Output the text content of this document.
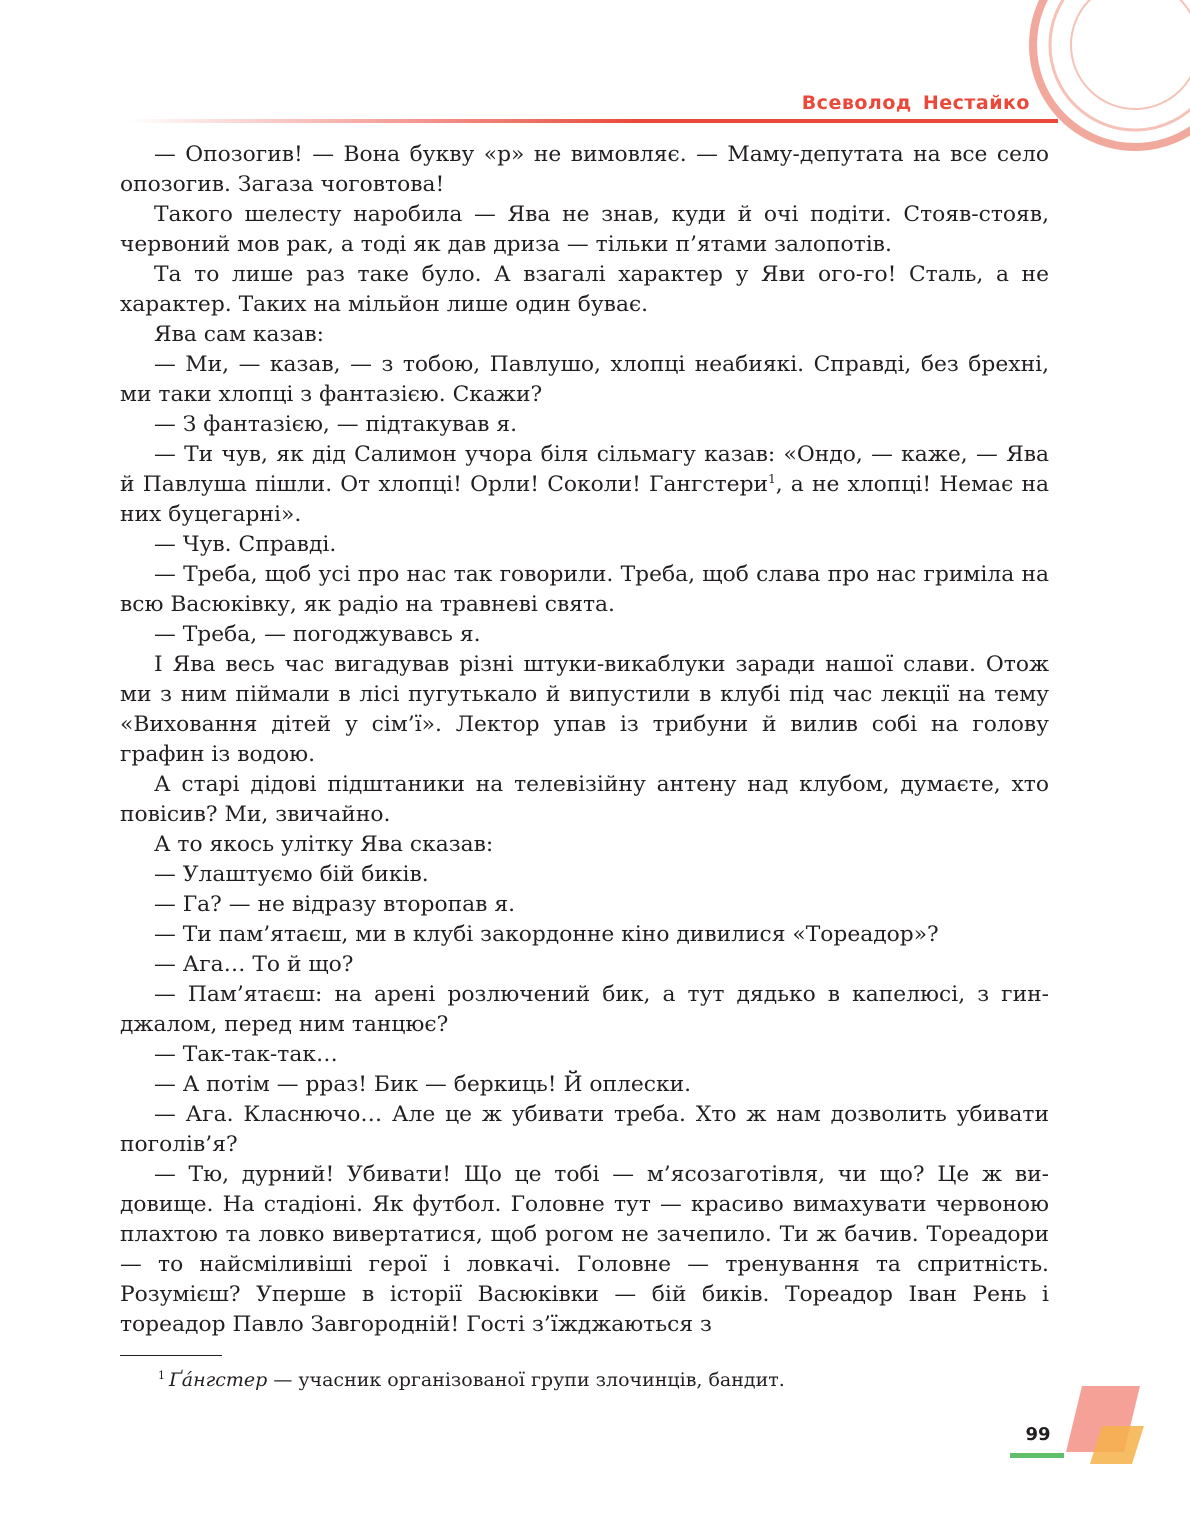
Всеволод Нестайко

— Опозогив! — Вона букву «р» не вимовляє. — Маму-депутата на все село опозогив. Загаза чоговтова!

Такого шелесту наробила — Ява не знав, куди й очі подіти. Стояв-стояв, червоний мов рак, а тоді як дав дриза — тільки п’ятами залопотів.

Та то лише раз таке було. А взагалі характер у Яви ого-го! Сталь, а не характер. Таких на мільйон лише один буває.

Ява сам казав:

— Ми, — казав, — з тобою, Павлушо, хлопці неабиякі. Справді, без брехні, ми таки хлопці з фантазією. Скажи?

— З фантазією, — підтакував я.

— Ти чув, як дід Салимон учора біля сільмагу казав: «Ондо, — каже, — Ява й Павлуша пішли. От хлопці! Орли! Соколи! Гангстери$^1$, а не хлопці! Немає на них буцегарні».

— Чув. Справді.

— Треба, щоб усі про нас так говорили. Треба, щоб слава про нас гриміла на всю Васюківку, як радіо на травневі свята.

— Треба, — погоджувавсь я.

І Ява весь час вигадував різні штуки-викаблуки заради нашої слави. Отож ми з ним піймали в лісі пугутькало й випустили в клубі під час лекції на тему «Виховання дітей у сім’ї». Лектор упав із трибуни й вилив собі на голову графин із водою.

А старі дідові підштаники на телевізійну антену над клубом, думаєте, хто повісив? Ми, звичайно.

А то якось улітку Ява сказав:

— Улаштуємо бій биків.

— Га? — не відразу второпав я.

— Ти пам’ятаєш, ми в клубі закордонне кіно дивилися «Тореадор»?

— Ага… То й що?

— Пам’ятаєш: на арені розлючений бик, а тут дядько в капелюсі, з гинджалом, перед ним танцює?

— Так-так-так…

— А потім — рраз! Бик — беркиць! Й оплески.

— Ага. Класнючо… Але це ж убивати треба. Хто ж нам дозволить убивати поголів’я?

— Тю, дурний! Убивати! Що це тобі — м’ясозаготівля, чи що? Це ж видовище. На стадіоні. Як футбол. Головне тут — красиво вимахувати червоною плахтою та ловко вивертатися, щоб рогом не зачепило. Ти ж бачив. Тореадори — то найсміливіші герої і ловкачі. Головне — тренування та спритність. Розумієш? Уперше в історії Васюківки — бій биків. Тореадор Іван Рень і тореадор Павло Завгородній! Гості з’їжджаються з

$^1$ Ґа́нгстер — учасник організованої групи злочинців, бандит.
99
